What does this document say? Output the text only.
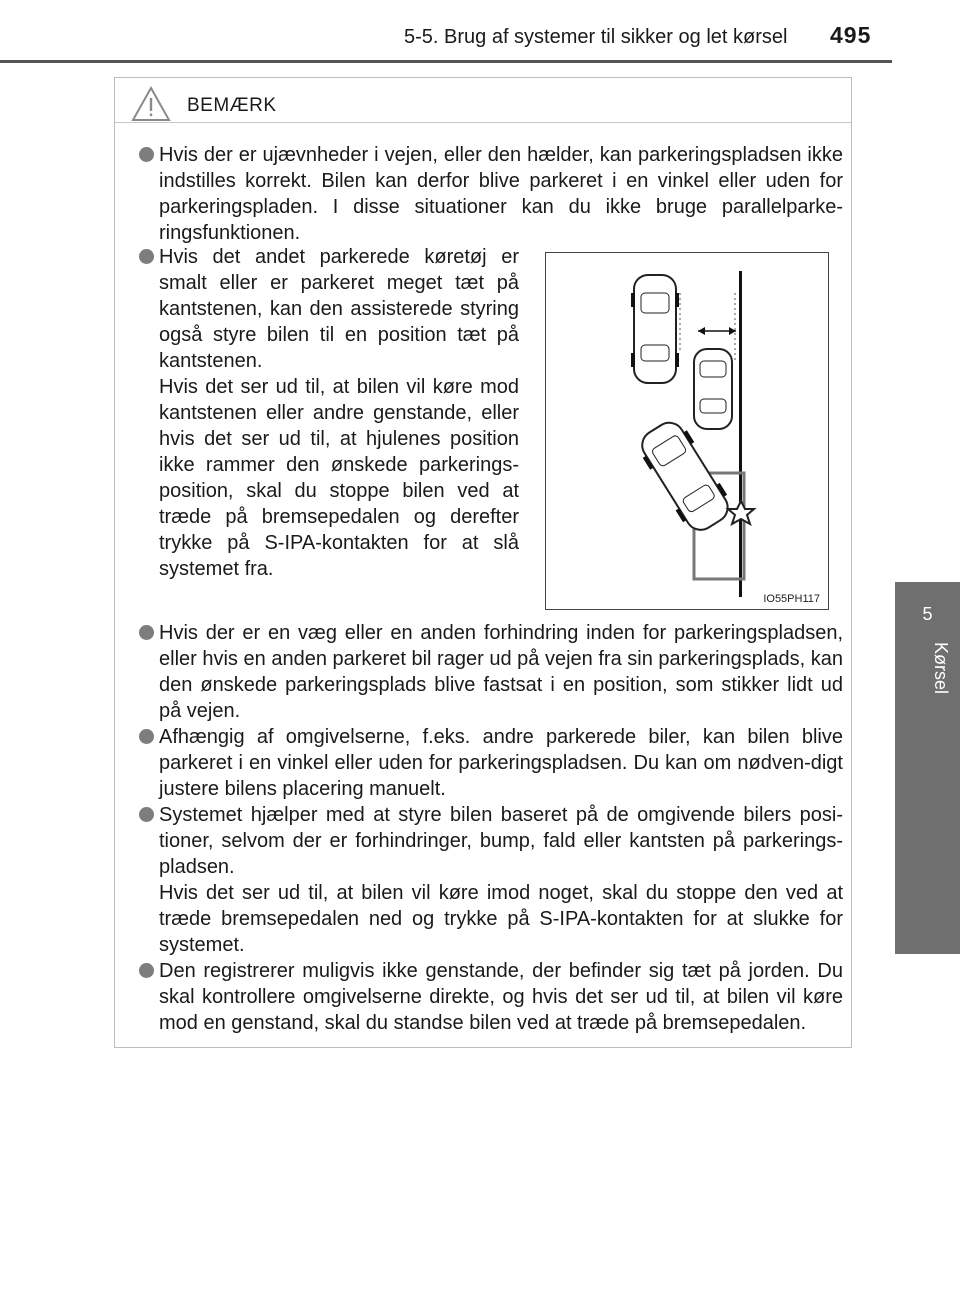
5-5. Brug af systemer til sikker og let kørsel 495
5
Kørsel
BEMÆRK

Hvis der er ujævnheder i vejen, eller den hælder, kan parkeringspladsen ikke indstilles korrekt. Bilen kan derfor blive parkeret i en vinkel eller uden for parkeringspladen. I disse situationer kan du ikke bruge parallelparke-ringsfunktionen.

Hvis det andet parkerede køretøj er smalt eller er parkeret meget tæt på kantstenen, kan den assisterede styring også styre bilen til en position tæt på kantstenen.

Hvis det ser ud til, at bilen vil køre mod kantstenen eller andre genstande, eller hvis det ser ud til, at hjulenes position ikke rammer den ønskede parkerings-position, skal du stoppe bilen ved at træde på bremsepedalen og derefter trykke på S-IPA-kontakten for at slå systemet fra.

IO55PH117

Hvis der er en væg eller en anden forhindring inden for parkeringspladsen, eller hvis en anden parkeret bil rager ud på vejen fra sin parkeringsplads, kan den ønskede parkeringsplads blive fastsat i en position, som stikker lidt ud på vejen.

Afhængig af omgivelserne, f.eks. andre parkerede biler, kan bilen blive parkeret i en vinkel eller uden for parkeringspladsen. Du kan om nødven-digt justere bilens placering manuelt.

Systemet hjælper med at styre bilen baseret på de omgivende bilers posi-tioner, selvom der er forhindringer, bump, fald eller kantsten på parkerings-pladsen.

Hvis det ser ud til, at bilen vil køre imod noget, skal du stoppe den ved at træde bremsepedalen ned og trykke på S-IPA-kontakten for at slukke for systemet.

Den registrerer muligvis ikke genstande, der befinder sig tæt på jorden. Du skal kontrollere omgivelserne direkte, og hvis det ser ud til, at bilen vil køre mod en genstand, skal du standse bilen ved at træde på bremsepedalen.
